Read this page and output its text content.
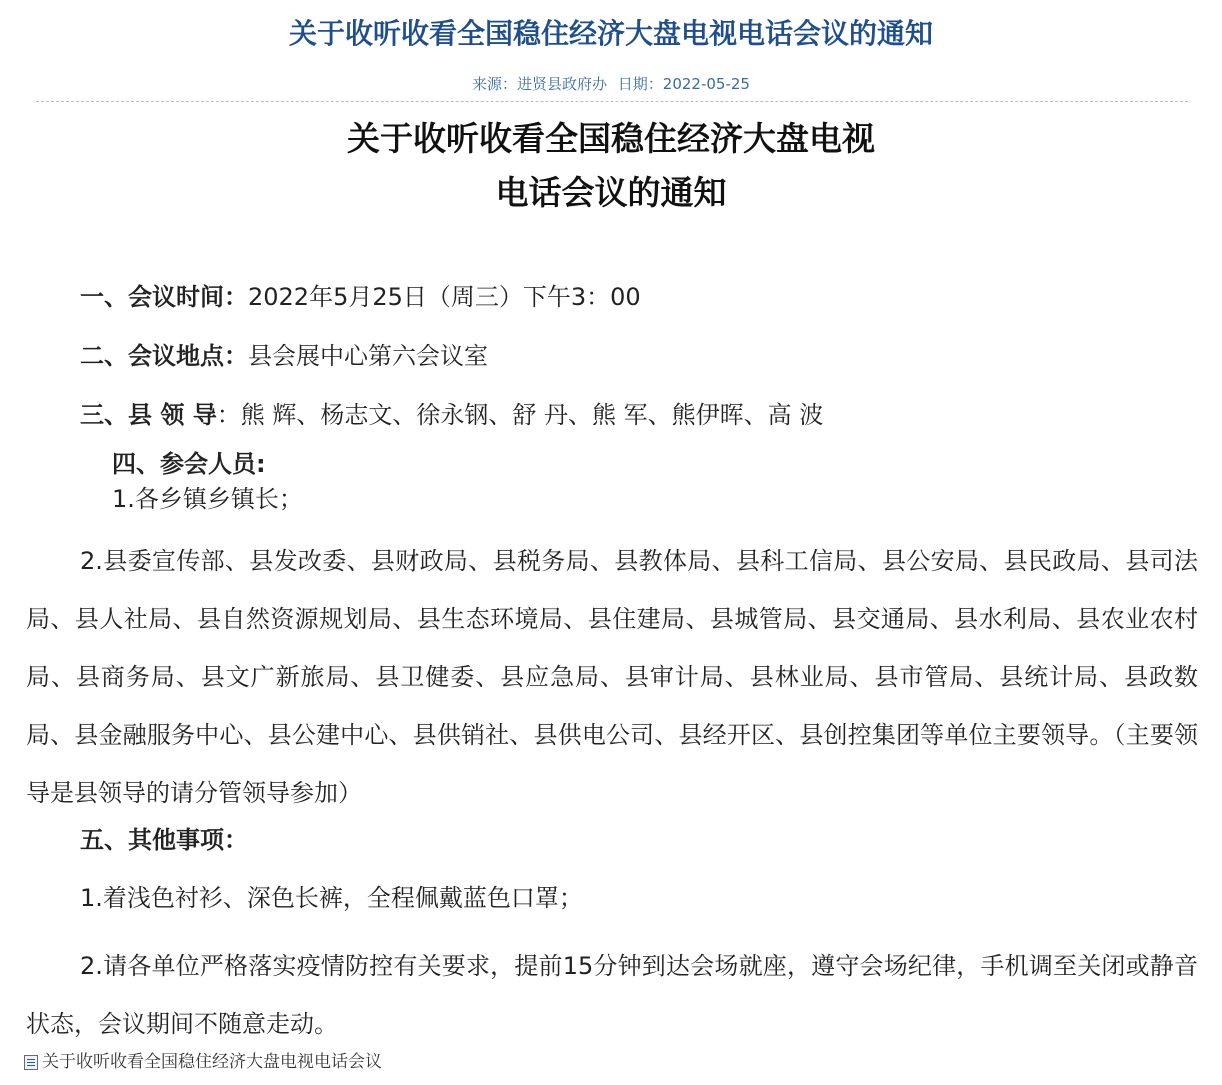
关于收听收看全国稳住经济大盘电视电话会议的通知
来源：进贤县政府办 日期：2022-05-25
关于收听收看全国稳住经济大盘电视
电话会议的通知
一、会议时间：2022年5月25日（周三）下午3：00
二、会议地点：县会展中心第六会议室
三、县 领 导：熊 辉、杨志文、徐永钢、舒 丹、熊 军、熊伊晖、高 波
四、参会人员:
1.各乡镇乡镇长；
2.县委宣传部、县发改委、县财政局、县税务局、县教体局、县科工信局、县公安局、县民政局、县司法局、县人社局、县自然资源规划局、县生态环境局、县住建局、县城管局、县交通局、县水利局、县农业农村局、县商务局、县文广新旅局、县卫健委、县应急局、县审计局、县林业局、县市管局、县统计局、县政数局、县金融服务中心、县公建中心、县供销社、县供电公司、县经开区、县创控集团等单位主要领导。（主要领导是县领导的请分管领导参加）
五、其他事项：
1.着浅色衬衫、深色长裤，全程佩戴蓝色口罩；
2.请各单位严格落实疫情防控有关要求，提前15分钟到达会场就座，遵守会场纪律，手机调至关闭或静音状态，会议期间不随意走动。
关于收听收看全国稳住经济大盘电视电话会议
